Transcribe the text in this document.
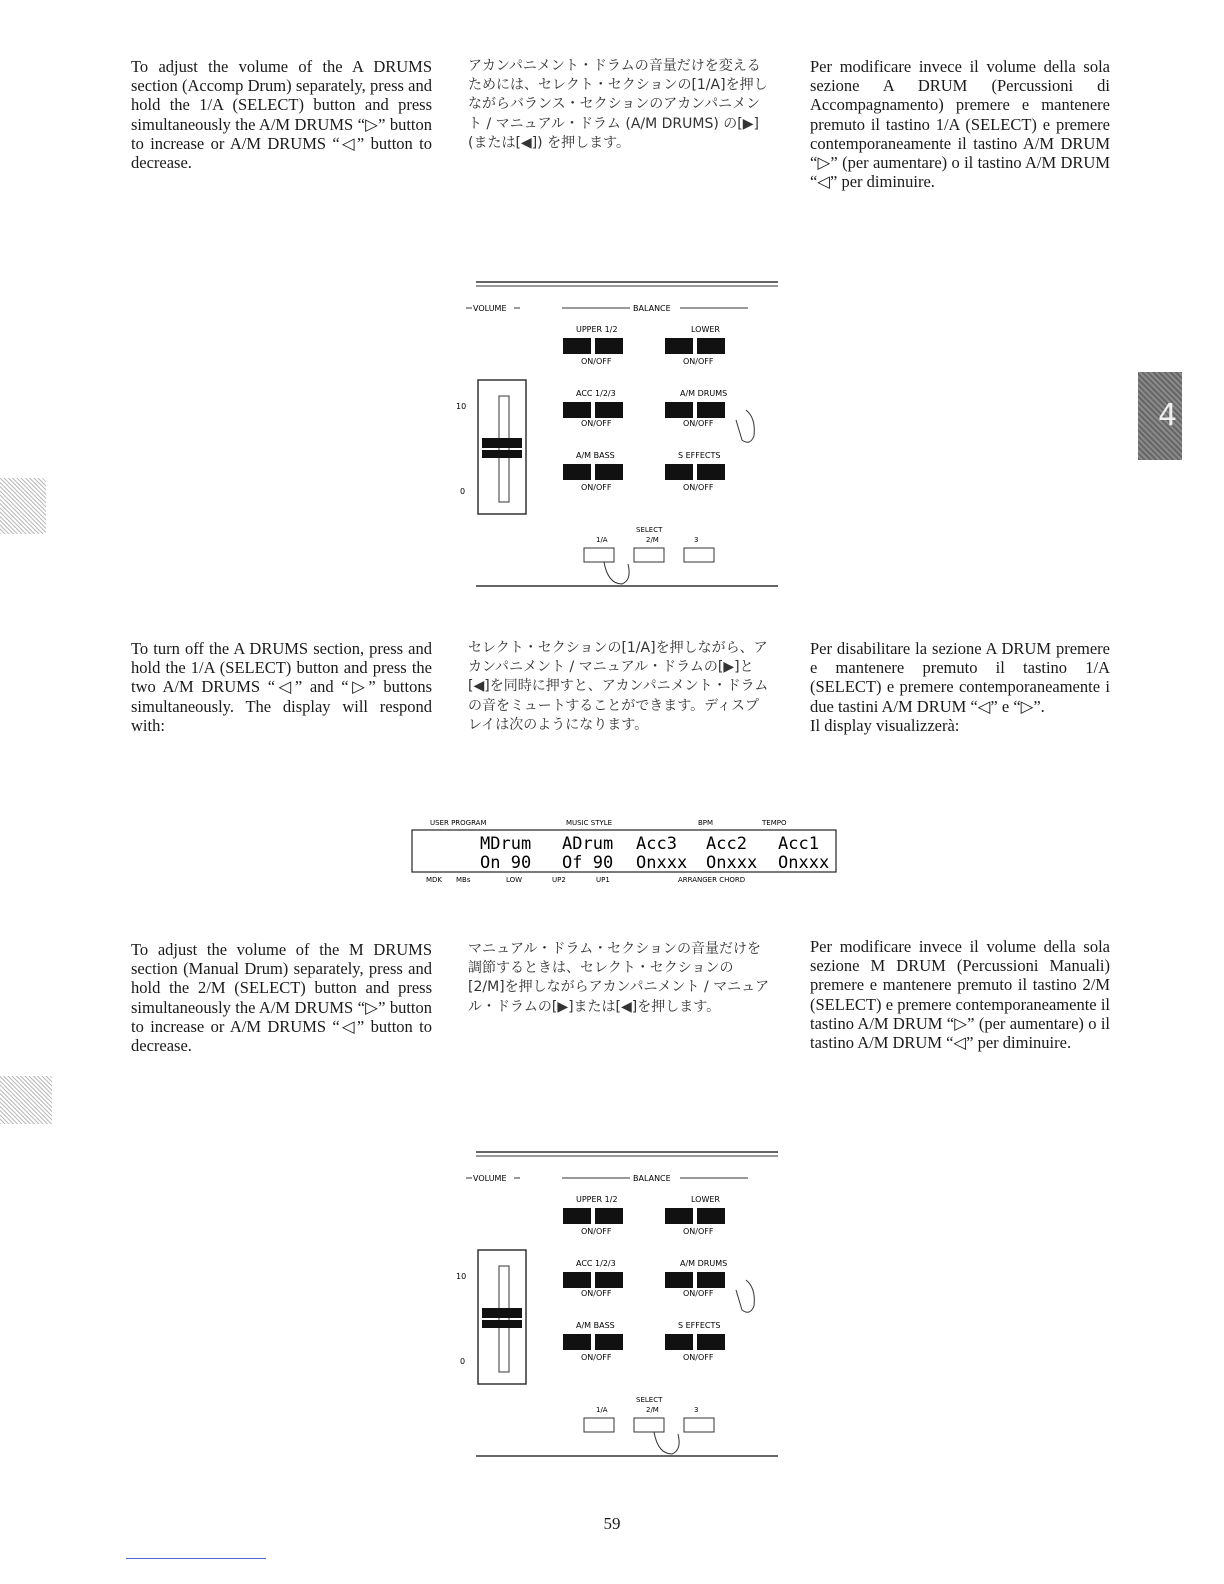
To adjust the volume of the A DRUMS section (Accomp Drum) separately, press and hold the 1/A (SELECT) button and press simultaneously the A/M DRUMS “▷” button to increase or A/M DRUMS “◁” button to decrease.

アカンパニメント・ドラムの音量だけを変えるためには、セレクト・セクションの[1/A]を押しながらバランス・セクションのアカンパニメント / マニュアル・ドラム (A/M DRUMS) の[▶] (または[◀]) を押します。

Per modificare invece il volume della sola sezione A DRUM (Percussioni di Accompagnamento) premere e mantenere premuto il tastino 1/A (SELECT) e premere contemporaneamente il tastino A/M DRUM “▷” (per aumentare) o il tastino A/M DRUM “◁” per diminuire.

VOLUME	BALANCE
10
0
UPPER 1/2
ON/OFF
LOWER
ON/OFF
ACC 1/2/3
ON/OFF
A/M DRUMS
ON/OFF
A/M BASS
ON/OFF
S EFFECTS
ON/OFF
SELECT
1/A	2/M	3

To turn off the A DRUMS section, press and hold the 1/A (SELECT) button and press the two A/M DRUMS “◁” and “▷” buttons simultaneously. The display will respond with:

セレクト・セクションの[1/A]を押しながら、アカンパニメント / マニュアル・ドラムの[▶]と[◀]を同時に押すと、アカンパニメント・ドラムの音をミュートすることができます。ディスプレイは次のようになります。

Per disabilitare la sezione A DRUM premere e mantenere premuto il tastino 1/A (SELECT) e premere contemporaneamente i due tastini A/M DRUM “◁” e “▷”.

Il display visualizzerà:

USER PROGRAM	MUSIC STYLE	BPM	TEMPO
MDrum ADrum Acc3 Acc2 Acc1
On 90 Of 90 Onxxx Onxxx Onxxx
MDK MBs	LOW	UP2	UP1	ARRANGER CHORD

To adjust the volume of the M DRUMS section (Manual Drum) separately, press and hold the 2/M (SELECT) button and press simultaneously the A/M DRUMS “▷” button to increase or A/M DRUMS “◁” button to decrease.

マニュアル・ドラム・セクションの音量だけを調節するときは、セレクト・セクションの[2/M]を押しながらアカンパニメント / マニュアル・ドラムの[▶]または[◀]を押します。

Per modificare invece il volume della sola sezione M DRUM (Percussioni Manuali) premere e mantenere premuto il tastino 2/M (SELECT) e premere contemporaneamente il tastino A/M DRUM “▷” (per aumentare) o il tastino A/M DRUM “◁” per diminuire.

VOLUME	BALANCE
10
0
UPPER 1/2
ON/OFF
LOWER
ON/OFF
ACC 1/2/3
ON/OFF
A/M DRUMS
ON/OFF
A/M BASS
ON/OFF
S EFFECTS
ON/OFF
SELECT
1/A	2/M	3
4
59
